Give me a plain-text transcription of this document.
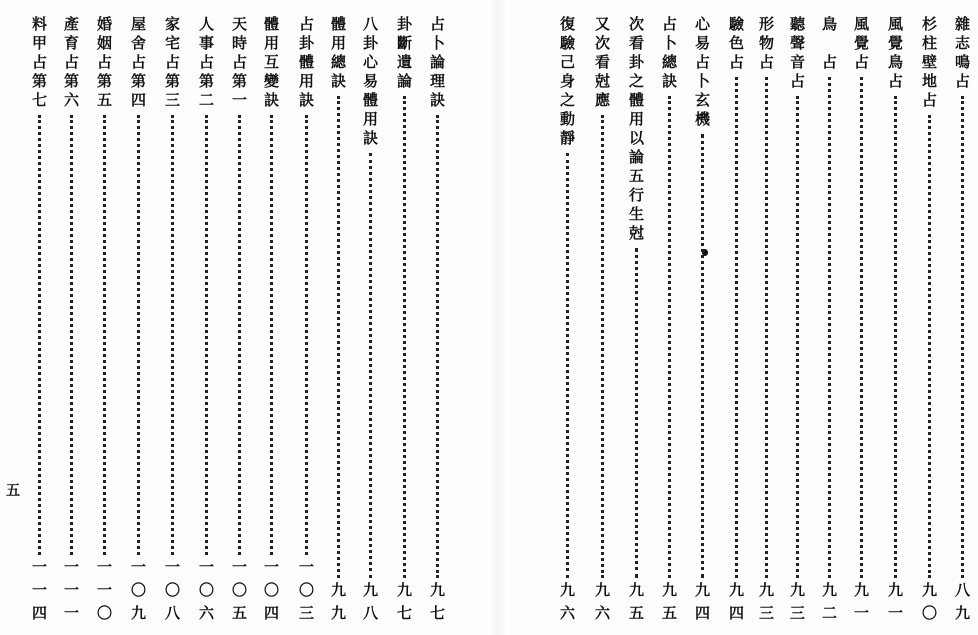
五
占卜論理訣
九七
卦斷遺論
九七
八卦心易體用訣
九八
體用總訣
九九
占卦體用訣
一〇三
體用互變訣
一〇四
天時占第一
一〇五
人事占第二
一〇六
家宅占第三
一〇八
屋舍占第四
一〇九
婚姻占第五
一一〇
產育占第六
一一一
料甲占第七
一一四
雜志鳴占
八九
杉柱壁地占
九〇
風覺鳥占
九一
風覺占
九一
鳥　占
九二
聽聲音占
九三
形物占
九三
驗色占
九四
心易占卜玄機
九四
占卜總訣
九五
次看卦之體用以論五行生尅
九五
又次看尅應
九六
復驗己身之動靜
九六
